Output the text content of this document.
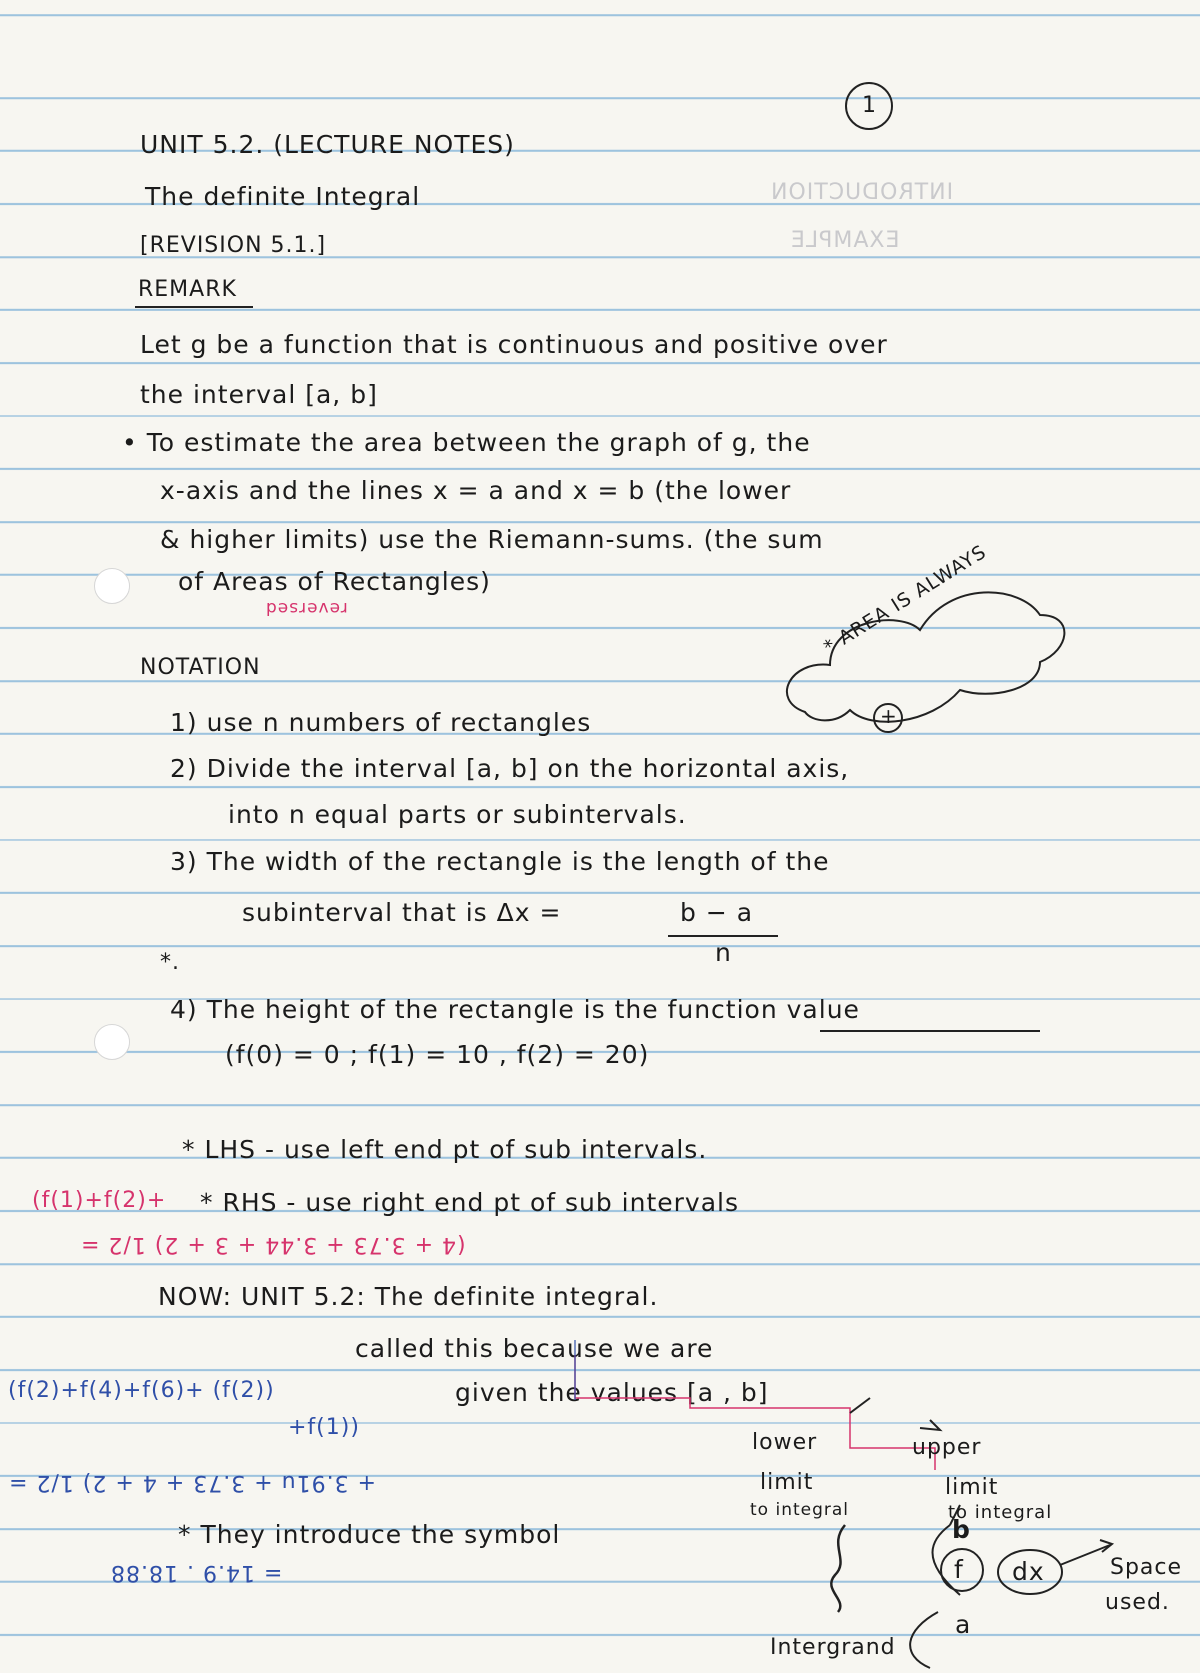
1
INTRODUCTION
EXAMPLE
UNIT 5.2. (LECTURE NOTES)
The definite Integral
[REVISION 5.1.]
REMARK
Let g be a function that is continuous and positive over
the interval [a, b]
• To estimate the area between the graph of g, the
x-axis and the lines x = a and x = b (the lower
& higher limits) use the Riemann-sums. (the sum
of Areas of Rectangles)
reversed	* AREA IS ALWAYS
+
NOTATION
1) use n numbers of rectangles
2) Divide the interval [a, b] on the horizontal axis,
into n equal parts or subintervals.
3) The width of the rectangle is the length of the
subinterval that is Δx =	b − a
n
*.
4) The height of the rectangle is the function value
(f(0) = 0 ; f(1) = 10 , f(2) = 20)
* LHS - use left end pt of sub intervals.
(f(1)+f(2)+ * RHS - use right end pt of sub intervals
(4 + 3.73 + 3.44 + 3 + 2) 1/2 =
NOW: UNIT 5.2: The definite integral.
called this because we are
(f(2)+f(4)+f(6)+ (f(2))	given the values [a , b]
+f(1))
+ 3.91u + 3.73 + 4 + 2) 1/2 =
lower
limit
to integral
upper
limit
to integral
* They introduce the symbol
= 14.9 . 18.88
b
f dx
a
Space
used.
Intergrand
